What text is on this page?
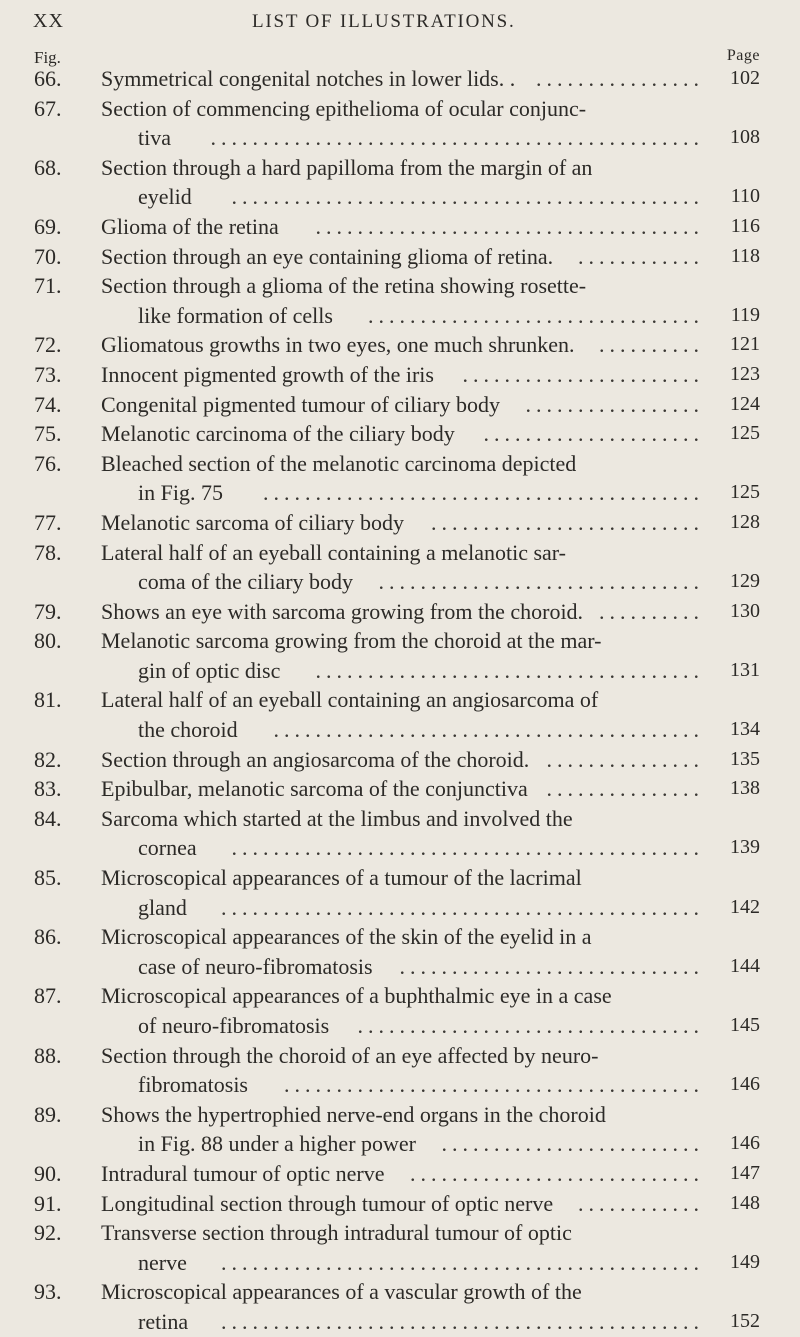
XX	LIST OF ILLUSTRATIONS.
Fig.	Page
66.	Symmetrical congenital notches in lower lids. . ................	102
67.	Section of commencing epithelioma of ocular conjunc-
tiva ...............................................	108
68.	Section through a hard papilloma from the margin of an
eyelid .............................................	110
69.	Glioma of the retina .....................................	116
70.	Section through an eye containing glioma of retina. ............	118
71.	Section through a glioma of the retina showing rosette-
like formation of cells ................................	119
72.	Gliomatous growths in two eyes, one much shrunken. ..........	121
73.	Innocent pigmented growth of the iris .......................	123
74.	Congenital pigmented tumour of ciliary body .................	124
75.	Melanotic carcinoma of the ciliary body .....................	125
76.	Bleached section of the melanotic carcinoma depicted
in Fig. 75 ..........................................	125
77.	Melanotic sarcoma of ciliary body ..........................	128
78.	Lateral half of an eyeball containing a melanotic sar-
coma of the ciliary body ...............................	129
79.	Shows an eye with sarcoma growing from the choroid. ..........	130
80.	Melanotic sarcoma growing from the choroid at the mar-
gin of optic disc .....................................	131
81.	Lateral half of an eyeball containing an angiosarcoma of
the choroid .........................................	134
82.	Section through an angiosarcoma of the choroid. ...............	135
83.	Epibulbar, melanotic sarcoma of the conjunctiva ...............	138
84.	Sarcoma which started at the limbus and involved the
cornea .............................................	139
85.	Microscopical appearances of a tumour of the lacrimal
gland ..............................................	142
86.	Microscopical appearances of the skin of the eyelid in a
case of neuro-fibromatosis .............................	144
87.	Microscopical appearances of a buphthalmic eye in a case
of neuro-fibromatosis .................................	145
88.	Section through the choroid of an eye affected by neuro-
fibromatosis ........................................	146
89.	Shows the hypertrophied nerve-end organs in the choroid
in Fig. 88 under a higher power .........................	146
90.	Intradural tumour of optic nerve ............................	147
91.	Longitudinal section through tumour of optic nerve ............	148
92.	Transverse section through intradural tumour of optic
nerve ..............................................	149
93.	Microscopical appearances of a vascular growth of the
retina ..............................................	152
